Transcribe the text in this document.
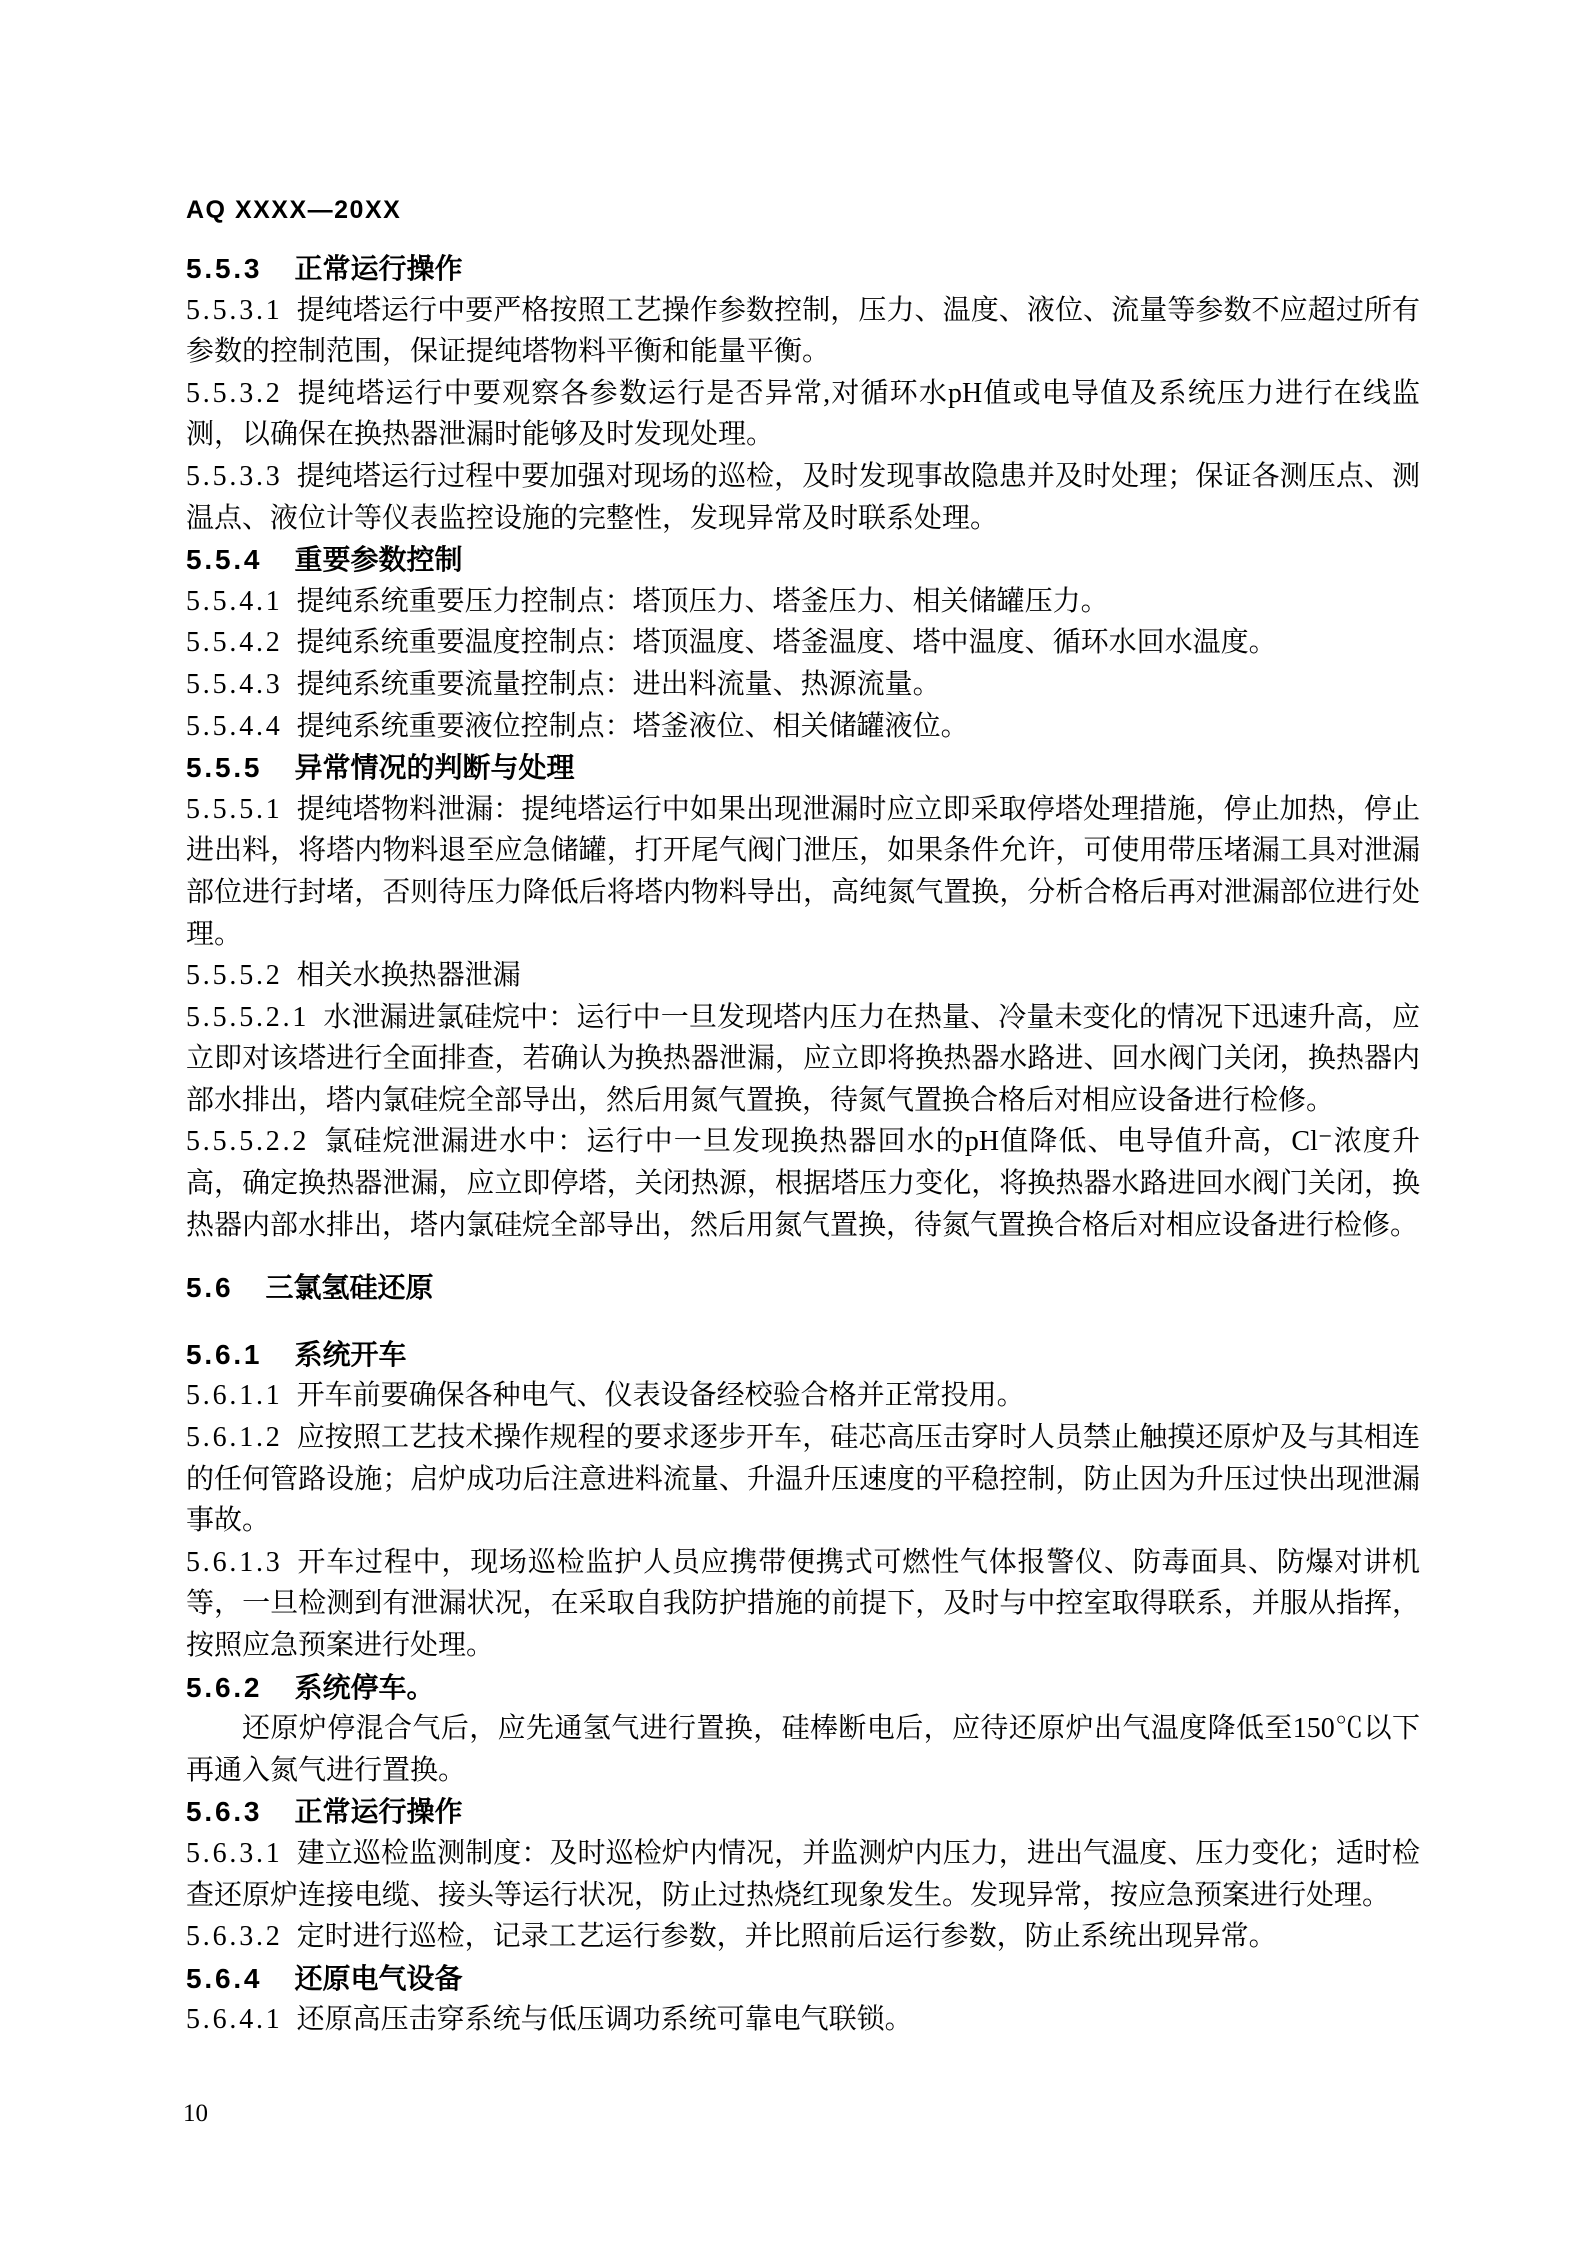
AQ XXXX—20XX

5.5.3 正常运行操作

5.5.3.1 提纯塔运行中要严格按照工艺操作参数控制，压力、温度、液位、流量等参数不应超过所有参数的控制范围，保证提纯塔物料平衡和能量平衡。

5.5.3.2 提纯塔运行中要观察各参数运行是否异常,对循环水pH值或电导值及系统压力进行在线监测，以确保在换热器泄漏时能够及时发现处理。

5.5.3.3 提纯塔运行过程中要加强对现场的巡检，及时发现事故隐患并及时处理；保证各测压点、测温点、液位计等仪表监控设施的完整性，发现异常及时联系处理。

5.5.4 重要参数控制

5.5.4.1 提纯系统重要压力控制点：塔顶压力、塔釜压力、相关储罐压力。

5.5.4.2 提纯系统重要温度控制点：塔顶温度、塔釜温度、塔中温度、循环水回水温度。

5.5.4.3 提纯系统重要流量控制点：进出料流量、热源流量。

5.5.4.4 提纯系统重要液位控制点：塔釜液位、相关储罐液位。

5.5.5 异常情况的判断与处理

5.5.5.1 提纯塔物料泄漏：提纯塔运行中如果出现泄漏时应立即采取停塔处理措施，停止加热，停止进出料，将塔内物料退至应急储罐，打开尾气阀门泄压，如果条件允许，可使用带压堵漏工具对泄漏部位进行封堵，否则待压力降低后将塔内物料导出，高纯氮气置换，分析合格后再对泄漏部位进行处理。

5.5.5.2 相关水换热器泄漏

5.5.5.2.1 水泄漏进氯硅烷中：运行中一旦发现塔内压力在热量、冷量未变化的情况下迅速升高，应立即对该塔进行全面排查，若确认为换热器泄漏，应立即将换热器水路进、回水阀门关闭，换热器内部水排出，塔内氯硅烷全部导出，然后用氮气置换，待氮气置换合格后对相应设备进行检修。

5.5.5.2.2 氯硅烷泄漏进水中：运行中一旦发现换热器回水的pH值降低、电导值升高，Cl⁻浓度升高，确定换热器泄漏，应立即停塔，关闭热源，根据塔压力变化，将换热器水路进回水阀门关闭，换热器内部水排出，塔内氯硅烷全部导出，然后用氮气置换，待氮气置换合格后对相应设备进行检修。

5.6 三氯氢硅还原

5.6.1 系统开车

5.6.1.1 开车前要确保各种电气、仪表设备经校验合格并正常投用。

5.6.1.2 应按照工艺技术操作规程的要求逐步开车，硅芯高压击穿时人员禁止触摸还原炉及与其相连的任何管路设施；启炉成功后注意进料流量、升温升压速度的平稳控制，防止因为升压过快出现泄漏事故。

5.6.1.3 开车过程中，现场巡检监护人员应携带便携式可燃性气体报警仪、防毒面具、防爆对讲机等，一旦检测到有泄漏状况，在采取自我防护措施的前提下，及时与中控室取得联系，并服从指挥，按照应急预案进行处理。

5.6.2 系统停车。

还原炉停混合气后，应先通氢气进行置换，硅棒断电后，应待还原炉出气温度降低至150℃以下再通入氮气进行置换。

5.6.3 正常运行操作

5.6.3.1 建立巡检监测制度：及时巡检炉内情况，并监测炉内压力，进出气温度、压力变化；适时检查还原炉连接电缆、接头等运行状况，防止过热烧红现象发生。发现异常，按应急预案进行处理。

5.6.3.2 定时进行巡检，记录工艺运行参数，并比照前后运行参数，防止系统出现异常。

5.6.4 还原电气设备

5.6.4.1 还原高压击穿系统与低压调功系统可靠电气联锁。

10
